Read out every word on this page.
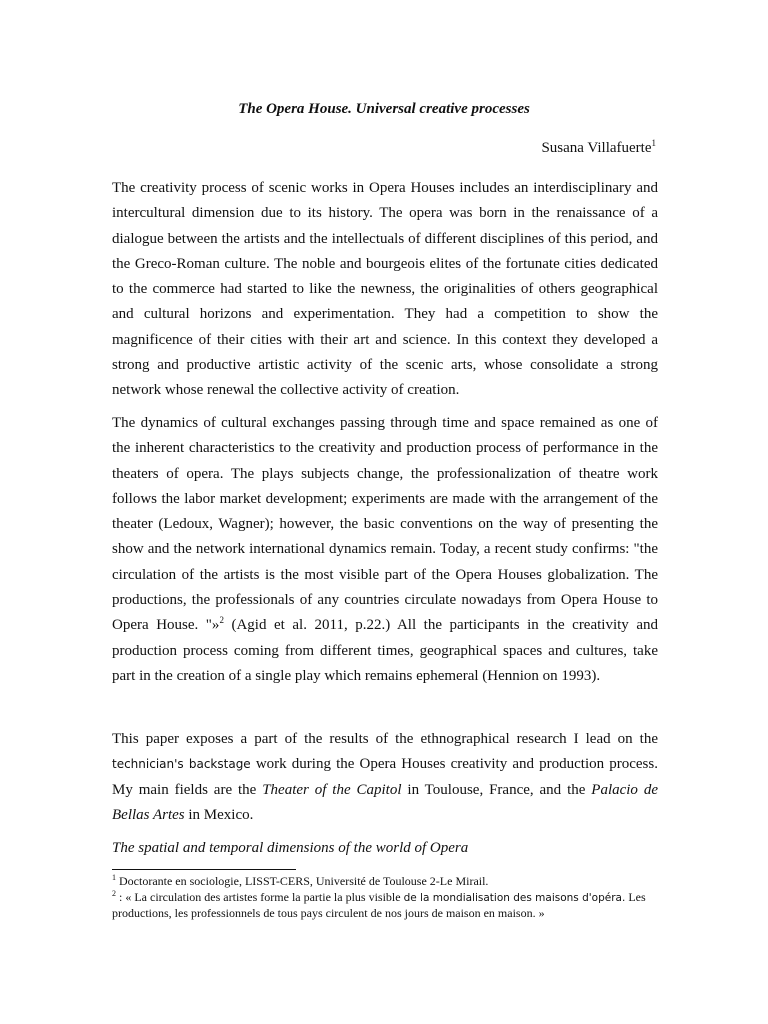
The Opera House. Universal creative processes

Susana Villafuerte$^1$

The creativity process of scenic works in Opera Houses includes an interdisciplinary and intercultural dimension due to its history. The opera was born in the renaissance of a dialogue between the artists and the intellectuals of different disciplines of this period, and the Greco-Roman culture. The noble and bourgeois elites of the fortunate cities dedicated to the commerce had started to like the newness, the originalities of others geographical and cultural horizons and experimentation. They had a competition to show the magnificence of their cities with their art and science. In this context they developed a strong and productive artistic activity of the scenic arts, whose consolidate a strong network whose renewal the collective activity of creation.

The dynamics of cultural exchanges passing through time and space remained as one of the inherent characteristics to the creativity and production process of performance in the theaters of opera. The plays subjects change, the professionalization of theatre work follows the labor market development; experiments are made with the arrangement of the theater (Ledoux, Wagner); however, the basic conventions on the way of presenting the show and the network international dynamics remain. Today, a recent study confirms: "the circulation of the artists is the most visible part of the Opera Houses globalization. The productions, the professionals of any countries circulate nowadays from Opera House to Opera House. "»$^2$ (Agid et al. 2011, p.22.) All the participants in the creativity and production process coming from different times, geographical spaces and cultures, take part in the creation of a single play which remains ephemeral (Hennion on 1993).

This paper exposes a part of the results of the ethnographical research I lead on the technician's backstage work during the Opera Houses creativity and production process. My main fields are the Theater of the Capitol in Toulouse, France, and the Palacio de Bellas Artes in Mexico.

The spatial and temporal dimensions of the world of Opera

$^1$ Doctorante en sociologie, LISST-CERS, Université de Toulouse 2-Le Mirail.
$^2$ : « La circulation des artistes forme la partie la plus visible de la mondialisation des maisons d'opéra. Les productions, les professionnels de tous pays circulent de nos jours de maison en maison. »
